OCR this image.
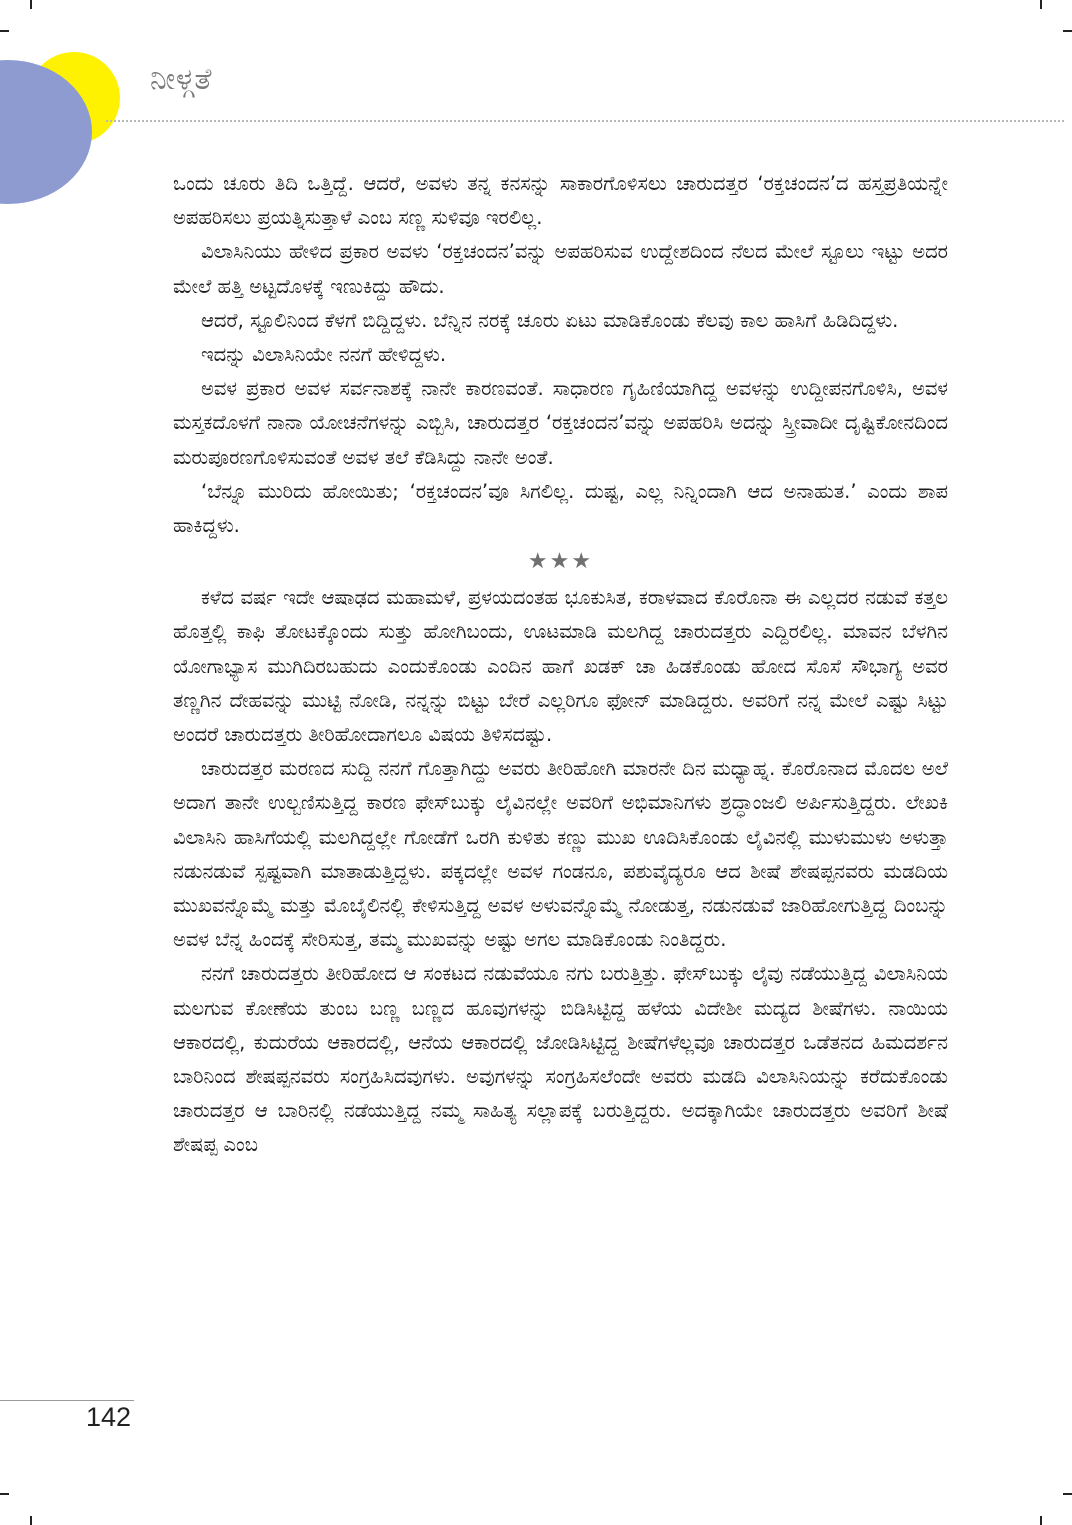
ನೀಳ್ಗತೆ

ಒಂದು ಚೂರು ತಿದಿ ಒತ್ತಿದ್ದೆ. ಆದರೆ, ಅವಳು ತನ್ನ ಕನಸನ್ನು ಸಾಕಾರಗೊಳಿಸಲು ಚಾರುದತ್ತರ ‘ರಕ್ತಚಂದನ’ದ ಹಸ್ತಪ್ರತಿಯನ್ನೇ ಅಪಹರಿಸಲು ಪ್ರಯತ್ನಿಸುತ್ತಾಳೆ ಎಂಬ ಸಣ್ಣ ಸುಳಿವೂ ಇರಲಿಲ್ಲ.

ವಿಲಾಸಿನಿಯು ಹೇಳಿದ ಪ್ರಕಾರ ಅವಳು ‘ರಕ್ತಚಂದನ’ವನ್ನು ಅಪಹರಿಸುವ ಉದ್ದೇಶದಿಂದ ನೆಲದ ಮೇಲೆ ಸ್ಟೂಲು ಇಟ್ಟು ಅದರ ಮೇಲೆ ಹತ್ತಿ ಅಟ್ಟದೊಳಕ್ಕೆ ಇಣುಕಿದ್ದು ಹೌದು.

ಆದರೆ, ಸ್ಟೂಲಿನಿಂದ ಕೆಳಗೆ ಬಿದ್ದಿದ್ದಳು. ಬೆನ್ನಿನ ನರಕ್ಕೆ ಚೂರು ಏಟು ಮಾಡಿಕೊಂಡು ಕೆಲವು ಕಾಲ ಹಾಸಿಗೆ ಹಿಡಿದಿದ್ದಳು.

ಇದನ್ನು ವಿಲಾಸಿನಿಯೇ ನನಗೆ ಹೇಳಿದ್ದಳು.

ಅವಳ ಪ್ರಕಾರ ಅವಳ ಸರ್ವನಾಶಕ್ಕೆ ನಾನೇ ಕಾರಣವಂತೆ. ಸಾಧಾರಣ ಗೃಹಿಣಿಯಾಗಿದ್ದ ಅವಳನ್ನು ಉದ್ದೀಪನಗೊಳಿಸಿ, ಅವಳ ಮಸ್ತಕದೊಳಗೆ ನಾನಾ ಯೋಚನೆಗಳನ್ನು ಎಬ್ಬಿಸಿ, ಚಾರುದತ್ತರ ‘ರಕ್ತಚಂದನ’ವನ್ನು ಅಪಹರಿಸಿ ಅದನ್ನು ಸ್ತ್ರೀವಾದೀ ದೃಷ್ಟಿಕೋನದಿಂದ ಮರುಪೂರಣಗೊಳಿಸುವಂತೆ ಅವಳ ತಲೆ ಕೆಡಿಸಿದ್ದು ನಾನೇ ಅಂತೆ.

‘ಬೆನ್ನೂ ಮುರಿದು ಹೋಯಿತು; ‘ರಕ್ತಚಂದನ’ವೂ ಸಿಗಲಿಲ್ಲ. ದುಷ್ಟ, ಎಲ್ಲ ನಿನ್ನಿಂದಾಗಿ ಆದ ಅನಾಹುತ.’ ಎಂದು ಶಾಪ ಹಾಕಿದ್ದಳು.

★★★

ಕಳೆದ ವರ್ಷ ಇದೇ ಆಷಾಢದ ಮಹಾಮಳೆ, ಪ್ರಳಯದಂತಹ ಭೂಕುಸಿತ, ಕರಾಳವಾದ ಕೊರೊನಾ ಈ ಎಲ್ಲದರ ನಡುವೆ ಕತ್ತಲ ಹೊತ್ತಲ್ಲಿ ಕಾಫಿ ತೋಟಕ್ಕೊಂದು ಸುತ್ತು ಹೋಗಿಬಂದು, ಊಟಮಾಡಿ ಮಲಗಿದ್ದ ಚಾರುದತ್ತರು ಎದ್ದಿರಲಿಲ್ಲ. ಮಾವನ ಬೆಳಗಿನ ಯೋಗಾಭ್ಯಾಸ ಮುಗಿದಿರಬಹುದು ಎಂದುಕೊಂಡು ಎಂದಿನ ಹಾಗೆ ಖಡಕ್ ಚಾ ಹಿಡಕೊಂಡು ಹೋದ ಸೊಸೆ ಸೌಭಾಗ್ಯ ಅವರ ತಣ್ಣಗಿನ ದೇಹವನ್ನು ಮುಟ್ಟಿ ನೋಡಿ, ನನ್ನನ್ನು ಬಿಟ್ಟು ಬೇರೆ ಎಲ್ಲರಿಗೂ ಫೋನ್ ಮಾಡಿದ್ದರು. ಅವರಿಗೆ ನನ್ನ ಮೇಲೆ ಎಷ್ಟು ಸಿಟ್ಟು ಅಂದರೆ ಚಾರುದತ್ತರು ತೀರಿಹೋದಾಗಲೂ ವಿಷಯ ತಿಳಿಸದಷ್ಟು.

ಚಾರುದತ್ತರ ಮರಣದ ಸುದ್ದಿ ನನಗೆ ಗೊತ್ತಾಗಿದ್ದು ಅವರು ತೀರಿಹೋಗಿ ಮಾರನೇ ದಿನ ಮಧ್ಯಾಹ್ನ. ಕೊರೊನಾದ ಮೊದಲ ಅಲೆ ಅದಾಗ ತಾನೇ ಉಲ್ಬಣಿಸುತ್ತಿದ್ದ ಕಾರಣ ಫೇಸ್‌ಬುಕ್ಕು ಲೈವಿನಲ್ಲೇ ಅವರಿಗೆ ಅಭಿಮಾನಿಗಳು ಶ್ರದ್ಧಾಂಜಲಿ ಅರ್ಪಿಸುತ್ತಿದ್ದರು. ಲೇಖಕಿ ವಿಲಾಸಿನಿ ಹಾಸಿಗೆಯಲ್ಲಿ ಮಲಗಿದ್ದಲ್ಲೇ ಗೋಡೆಗೆ ಒರಗಿ ಕುಳಿತು ಕಣ್ಣು ಮುಖ ಊದಿಸಿಕೊಂಡು ಲೈವಿನಲ್ಲಿ ಮುಳುಮುಳು ಅಳುತ್ತಾ ನಡುನಡುವೆ ಸ್ಪಷ್ಟವಾಗಿ ಮಾತಾಡುತ್ತಿದ್ದಳು. ಪಕ್ಕದಲ್ಲೇ ಅವಳ ಗಂಡನೂ, ಪಶುವೈದ್ಯರೂ ಆದ ಶೀಷೆ ಶೇಷಪ್ಪನವರು ಮಡದಿಯ ಮುಖವನ್ನೊಮ್ಮೆ ಮತ್ತು ಮೊಬೈಲಿನಲ್ಲಿ ಕೇಳಿಸುತ್ತಿದ್ದ ಅವಳ ಅಳುವನ್ನೊಮ್ಮೆ ನೋಡುತ್ತ, ನಡುನಡುವೆ ಜಾರಿಹೋಗುತ್ತಿದ್ದ ದಿಂಬನ್ನು ಅವಳ ಬೆನ್ನ ಹಿಂದಕ್ಕೆ ಸೇರಿಸುತ್ತ, ತಮ್ಮ ಮುಖವನ್ನು ಅಷ್ಟು ಅಗಲ ಮಾಡಿಕೊಂಡು ನಿಂತಿದ್ದರು.

ನನಗೆ ಚಾರುದತ್ತರು ತೀರಿಹೋದ ಆ ಸಂಕಟದ ನಡುವೆಯೂ ನಗು ಬರುತ್ತಿತ್ತು. ಫೇಸ್‌ಬುಕ್ಕು ಲೈವು ನಡೆಯುತ್ತಿದ್ದ ವಿಲಾಸಿನಿಯ ಮಲಗುವ ಕೋಣೆಯ ತುಂಬ ಬಣ್ಣ ಬಣ್ಣದ ಹೂವುಗಳನ್ನು ಬಿಡಿಸಿಟ್ಟಿದ್ದ ಹಳೆಯ ವಿದೇಶೀ ಮದ್ಯದ ಶೀಷೆಗಳು. ನಾಯಿಯ ಆಕಾರದಲ್ಲಿ, ಕುದುರೆಯ ಆಕಾರದಲ್ಲಿ, ಆನೆಯ ಆಕಾರದಲ್ಲಿ ಜೋಡಿಸಿಟ್ಟಿದ್ದ ಶೀಷೆಗಳೆಲ್ಲವೂ ಚಾರುದತ್ತರ ಒಡೆತನದ ಹಿಮದರ್ಶನ ಬಾರಿನಿಂದ ಶೇಷಪ್ಪನವರು ಸಂಗ್ರಹಿಸಿದವುಗಳು. ಅವುಗಳನ್ನು ಸಂಗ್ರಹಿಸಲೆಂದೇ ಅವರು ಮಡದಿ ವಿಲಾಸಿನಿಯನ್ನು ಕರೆದುಕೊಂಡು ಚಾರುದತ್ತರ ಆ ಬಾರಿನಲ್ಲಿ ನಡೆಯುತ್ತಿದ್ದ ನಮ್ಮ ಸಾಹಿತ್ಯ ಸಲ್ಲಾಪಕ್ಕೆ ಬರುತ್ತಿದ್ದರು. ಅದಕ್ಕಾಗಿಯೇ ಚಾರುದತ್ತರು ಅವರಿಗೆ ಶೀಷೆ ಶೇಷಪ್ಪ ಎಂಬ

142
